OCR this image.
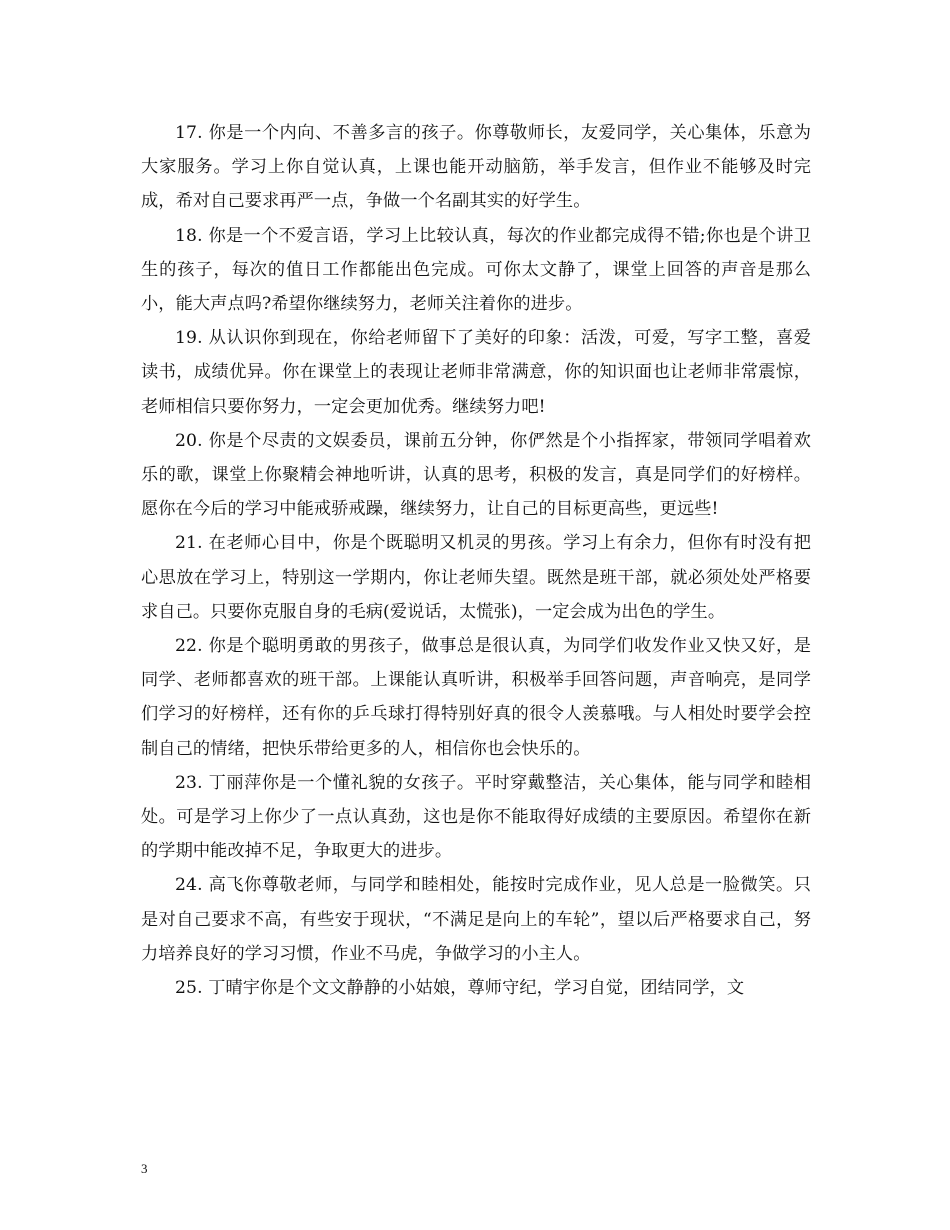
17. 你是一个内向、不善多言的孩子。你尊敬师长，友爱同学，关心集体，乐意为大家服务。学习上你自觉认真，上课也能开动脑筋，举手发言，但作业不能够及时完成，希对自己要求再严一点，争做一个名副其实的好学生。

18. 你是一个不爱言语，学习上比较认真，每次的作业都完成得不错;你也是个讲卫生的孩子，每次的值日工作都能出色完成。可你太文静了，课堂上回答的声音是那么小，能大声点吗?希望你继续努力，老师关注着你的进步。

19. 从认识你到现在，你给老师留下了美好的印象：活泼，可爱，写字工整，喜爱读书，成绩优异。你在课堂上的表现让老师非常满意，你的知识面也让老师非常震惊，老师相信只要你努力，一定会更加优秀。继续努力吧!

20. 你是个尽责的文娱委员，课前五分钟，你俨然是个小指挥家，带领同学唱着欢乐的歌，课堂上你聚精会神地听讲，认真的思考，积极的发言，真是同学们的好榜样。愿你在今后的学习中能戒骄戒躁，继续努力，让自己的目标更高些，更远些!

21. 在老师心目中，你是个既聪明又机灵的男孩。学习上有余力，但你有时没有把心思放在学习上，特别这一学期内，你让老师失望。既然是班干部，就必须处处严格要求自己。只要你克服自身的毛病(爱说话，太慌张)，一定会成为出色的学生。

22. 你是个聪明勇敢的男孩子，做事总是很认真，为同学们收发作业又快又好，是同学、老师都喜欢的班干部。上课能认真听讲，积极举手回答问题，声音响亮，是同学们学习的好榜样，还有你的乒乓球打得特别好真的很令人羡慕哦。与人相处时要学会控制自己的情绪，把快乐带给更多的人，相信你也会快乐的。

23. 丁丽萍你是一个懂礼貌的女孩子。平时穿戴整洁，关心集体，能与同学和睦相处。可是学习上你少了一点认真劲，这也是你不能取得好成绩的主要原因。希望你在新的学期中能改掉不足，争取更大的进步。

24. 高飞你尊敬老师，与同学和睦相处，能按时完成作业，见人总是一脸微笑。只是对自己要求不高，有些安于现状，“不满足是向上的车轮”，望以后严格要求自己，努力培养良好的学习习惯，作业不马虎，争做学习的小主人。

25. 丁晴宇你是个文文静静的小姑娘，尊师守纪，学习自觉，团结同学，文

3
